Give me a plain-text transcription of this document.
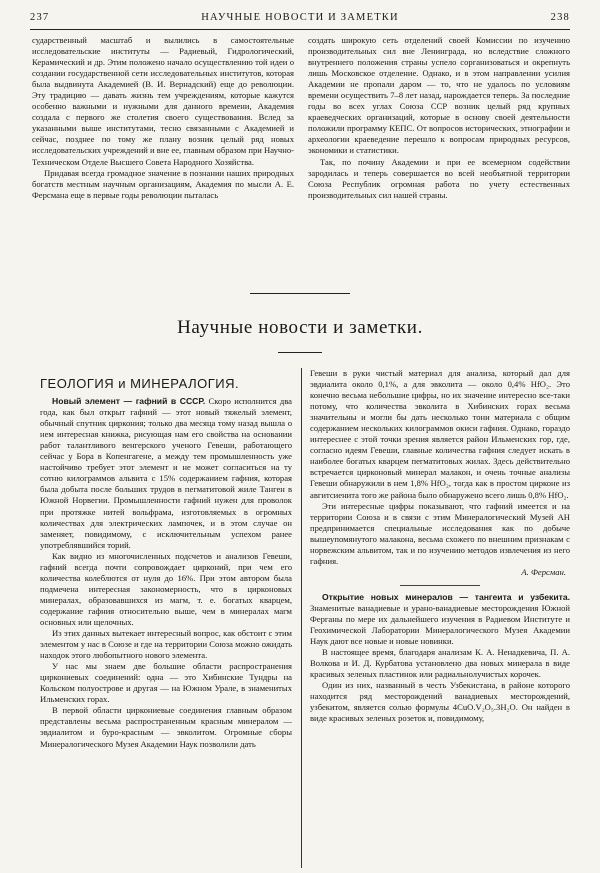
237	НАУЧНЫЕ НОВОСТИ И ЗАМЕТКИ	238

сударственный масштаб и вылились в самостоятельные исследовательские институты — Радиевый, Гидрологический, Керамический и др. Этим положено начало осуществлению той идеи о создании государственной сети исследовательных институтов, которая была выдвинута Академией (В. И. Вернадский) еще до революции. Эту традицию — давать жизнь тем учреждениям, которые кажутся особенно важными и нужными для данного времени, Академия создала с первого же столетия своего существования. Вслед за указанными выше институтами, тесно связанными с Академией и сейчас, позднее по тому же плану возник целый ряд новых исследовательских учреждений и вне ее, главным образом при Научно-Техническом Отделе Высшего Совета Народного Хозяйства.

Придавая всегда громадное значение в познании наших природных богатств местным научным организациям, Академия по мысли А. Е. Ферсмана еще в первые годы революции пыталась

создать широкую сеть отделений своей Комиссии по изучению производительных сил вне Ленинграда, но вследствие сложного внутреннего положения страны успело сорганизоваться и окрепнуть лишь Московское отделение. Однако, и в этом направлении усилия Академии не пропали даром — то, что не удалось по условиям времени осуществить 7–8 лет назад, нарождается теперь. За последние годы во всех углах Союза ССР возник целый ряд крупных краеведческих организаций, которые в основу своей деятельности положили программу КЕПС. От вопросов исторических, этнографии и археологии краеведение перешло к вопросам природных ресурсов, экономики и статистики.

Так, по почину Академии и при ее всемерном содействии зародилась и теперь совершается во всей необъятной территории Союза Республик огромная работа по учету естественных производительных сил нашей страны.

Научные новости и заметки.

ГЕОЛОГИЯ и МИНЕРАЛОГИЯ.

Новый элемент — гафний в СССР. Скоро исполнится два года, как был открыт гафний — этот новый тяжелый элемент, обычный спутник циркония; только два месяца тому назад вышла о нем интересная книжка, рисующая нам его свойства на основании работ талантливого венгерского ученого Гевеши, работающего сейчас у Бора в Копенгагене, а между тем промышленность уже настойчиво требует этот элемент и не может согласиться на ту сотню килограммов альвита с 15% содержанием гафния, которая была добыта после больших трудов в пегматитовой жиле Танген в Южной Норвегии. Промышленности гафний нужен для проволок при протяжке нитей вольфрама, изготовляемых в огромных количествах для электрических лампочек, и в этом случае он заменяет, повидимому, с исключительным успехом ранее употреблявшийся торий.

Как видно из многочисленных подсчетов и анализов Гевеши, гафний всегда почти сопровождает цирконий, при чем его количества колеблются от нуля до 16%. При этом автором была подмечена интересная закономерность, что в цирконовых минералах, образовавшихся из магм, т. е. богатых кварцем, содержание гафния относительно выше, чем в минералах магм основных или щелочных.

Из этих данных вытекает интересный вопрос, как обстоит с этим элементом у нас в Союзе и где на территории Союза можно ожидать находок этого любопытного нового элемента.

У нас мы знаем две большие области распространения циркониевых соединений: одна — это Хибинские Тундры на Кольском полуострове и другая — на Южном Урале, в знаменитых Ильменских горах.

В первой области циркониевые соединения главным образом представлены весьма распространенным красным минералом — эвдиалитом и буро-красным — эвколитом. Огромные сборы Минералогического Музея Академии Наук позволили дать

Гевеши в руки чистый материал для анализа, который дал для эвдиалита около 0,1%, а для эвколита — около 0,4% HfO₂. Это конечно весьма небольшие цифры, но их значение интересно все-таки потому, что количества эвколита в Хибинских горах весьма значительны и могли бы дать несколько тони материала с общим содержанием нескольких килограммов окиси гафния. Однако, гораздо интереснее с этой точки зрения является район Ильменских гор, где, согласно идеям Гевеши, главные количества гафния следует искать в наиболее богатых кварцем пегматитовых жилах. Здесь действительно встречается цирконовый минерал малакон, и очень точные анализы Гевеши обнаружили в нем 1,8% HfO₂, тогда как в простом цирконе из авгитсиенита того же района было обнаружено всего лишь 0,8% HfO₂.

Эти интересные цифры показывают, что гафний имеется и на территории Союза и в связи с этим Минералогический Музей АН предпринимается специальные исследования как по добыче вышеупомянутого малакона, весьма схожего по внешним признакам с норвежским альвитом, так и по изучению методов извлечения из него гафния.

А. Ферсман.

Открытие новых минералов — тангеита и узбекита. Знаменитые ванадиевые и урано-ванадиевые месторождения Южной Ферганы по мере их дальнейшего изучения в Радиевом Институте и Геохимической Лаборатории Минералогического Музея Академии Наук дают все новые и новые новинки.

В настоящее время, благодаря анализам К. А. Ненадкевича, П. А. Волкова и И. Д. Курбатова установлено два новых минерала в виде красивых зеленых пластинок или радиальнолучистых корочек.

Один из них, названный в честь Узбекистана, в районе которого находится ряд месторождений ванадиевых месторождений, узбекитом, является солью формулы 4CuO.V₂O₅.3H₂O. Он найден в виде красивых зеленых розеток и, повидимому,
